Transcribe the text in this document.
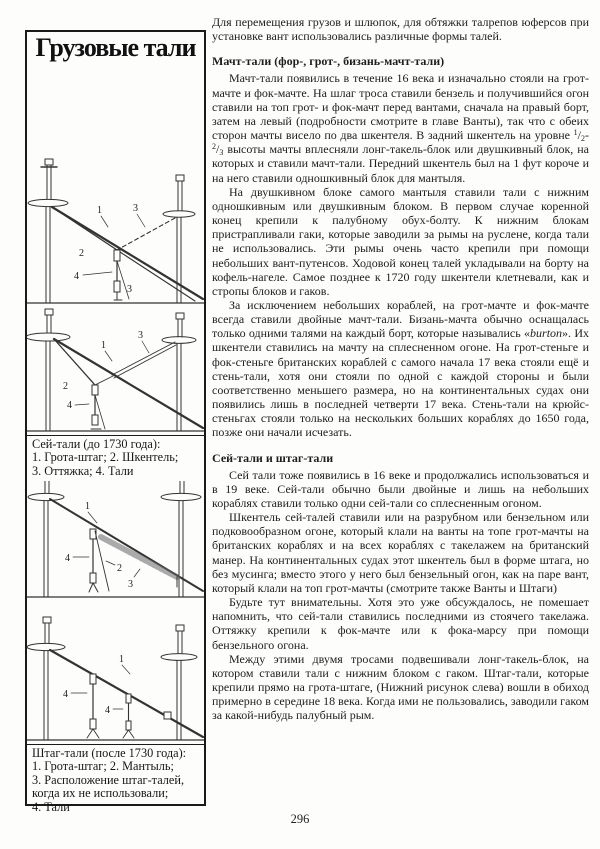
Грузовые тали
1	3
2
4
3
1
3
2
4
Сей-тали (до 1730 года):
1. Грота-штаг; 2. Шкентель;
3. Оттяжка; 4. Тали
1
4
2
3
1
4
4
Штаг-тали (после 1730 года):
1. Грота-штаг; 2. Мантыль;
3. Расположение штаг-талей,
когда их не использовали;
4. Тали
Для перемещения грузов и шлюпок, для обтяжки талрепов юферсов при установке вант использовались различные формы талей.
Мачт-тали (фор-, грот-, бизань-мачт-тали)
Мачт-тали появились в течение 16 века и изначально стояли на грот-мачте и фок-мачте. На шлаг троса ставили бензель и получившийся огон ставили на топ грот- и фок-мачт перед вантами, сначала на правый борт, затем на левый (подробности смотрите в главе Ванты), так что с обеих сторон мачты висело по два шкентеля. В задний шкентель на уровне $^1/_2-^2/_3$ высоты мачты вплесняли лонг-такель-блок или двушкивный блок, на которых и ставили мачт-тали. Передний шкентель был на 1 фут короче и на него ставили одношкивный блок для мантыля.
На двушкивном блоке самого мантыля ставили тали с нижним одношкивным или двушкивным блоком. В первом случае коренной конец крепили к палубному обух-болту. К нижним блокам пристрапливали гаки, которые заводили за рымы на руслене, когда тали не использовались. Эти рымы очень часто крепили при помощи небольших вант-путенсов. Ходовой конец талей укладывали на борту на кофель-нагеле. Самое позднее к 1720 году шкентели клетневали, как и стропы блоков и гаков.
За исключением небольших кораблей, на грот-мачте и фок-мачте всегда ставили двойные мачт-тали. Бизань-мачта обычно оснащалась только одними талями на каждый борт, которые назывались «burton». Их шкентели ставились на мачту на сплесненном огоне. На грот-стеньге и фок-стеньге британских кораблей с самого начала 17 века стояли ещё и стень-тали, хотя они стояли по одной с каждой стороны и были соответственно меньшего размера, но на континентальных судах они появились лишь в последней четверти 17 века. Стень-тали на крюйс-стеньгах стояли только на нескольких больших кораблях до 1650 года, позже они начали исчезать.
Сей-тали и штаг-тали
Сей тали тоже появились в 16 веке и продолжались использоваться и в 19 веке. Сей-тали обычно были двойные и лишь на небольших кораблях ставили только одни сей-тали со сплесненным огоном.
Шкентель сей-талей ставили или на разрубном или бензельном или подковообразном огоне, который клали на ванты на топе грот-мачты на британских кораблях и на всех кораблях с такелажем на британский манер. На континентальных судах этот шкентель был в форме штага, но без мусинга; вместо этого у него был бензельный огон, как на паре вант, который клали на топ грот-мачты (смотрите также Ванты и Штаги)
Будьте тут внимательны. Хотя это уже обсуждалось, не помешает напомнить, что сей-тали ставились последними из стоячего такелажа. Оттяжку крепили к фок-мачте или к фока-марсу при помощи бензельного огона.
Между этими двумя тросами подвешивали лонг-такель-блок, на котором ставили тали с нижним блоком с гаком. Штаг-тали, которые крепили прямо на грота-штаге, (Нижний рисунок слева) вошли в обиход примерно в середине 18 века. Когда ими не пользовались, заводили гаком за какой-нибудь палубный рым.
296
